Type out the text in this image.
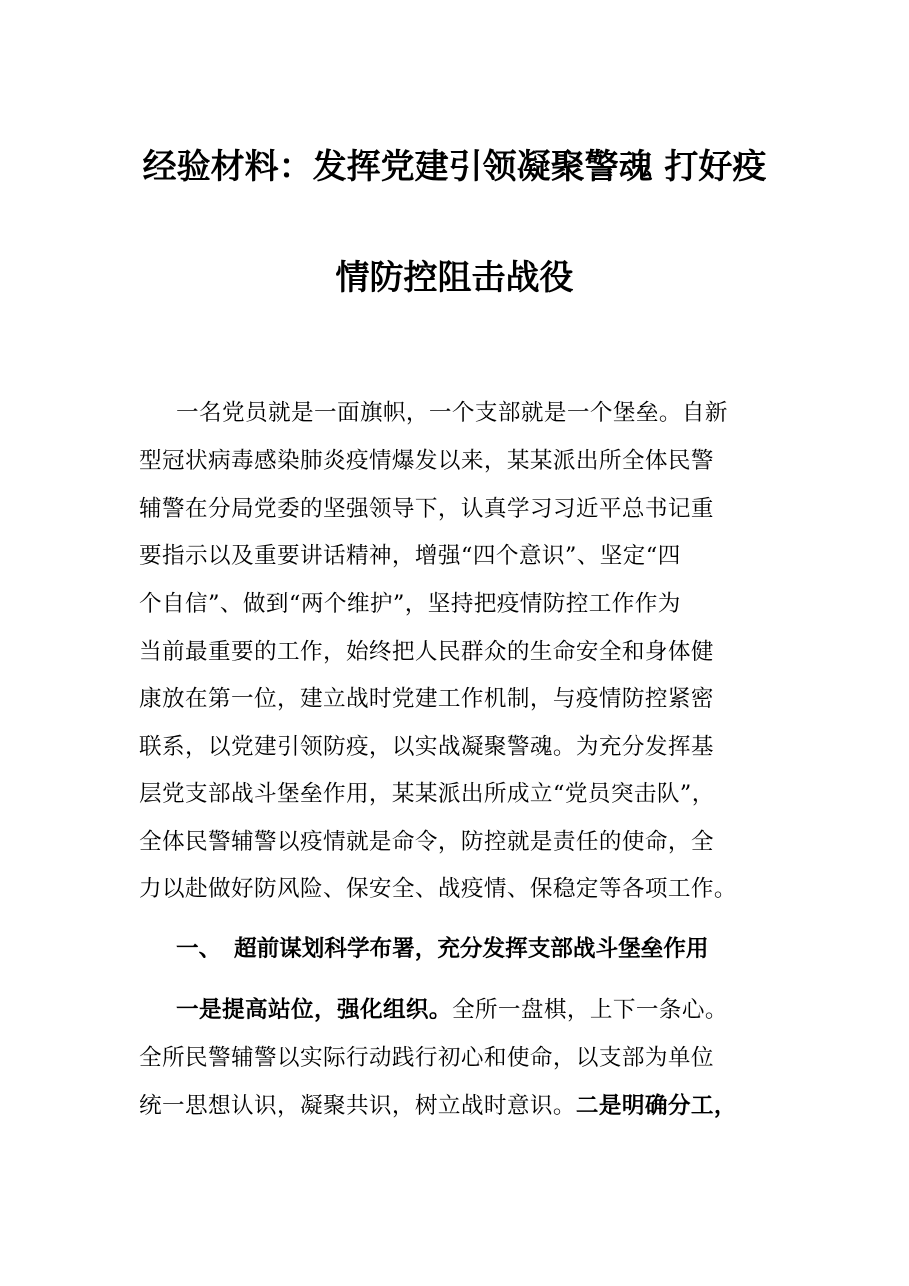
经验材料：发挥党建引领凝聚警魂 打好疫
情防控阻击战役
一名党员就是一面旗帜，一个支部就是一个堡垒。自新
型冠状病毒感染肺炎疫情爆发以来，某某派出所全体民警
辅警在分局党委的坚强领导下，认真学习习近平总书记重
要指示以及重要讲话精神，增强“四个意识”、坚定“四
个自信”、做到“两个维护”，坚持把疫情防控工作作为
当前最重要的工作，始终把人民群众的生命安全和身体健
康放在第一位，建立战时党建工作机制，与疫情防控紧密
联系，以党建引领防疫，以实战凝聚警魂。为充分发挥基
层党支部战斗堡垒作用，某某派出所成立“党员突击队”，
全体民警辅警以疫情就是命令，防控就是责任的使命，全
力以赴做好防风险、保安全、战疫情、保稳定等各项工作。
一、 超前谋划科学布署，充分发挥支部战斗堡垒作用
一是提高站位，强化组织。全所一盘棋，上下一条心。
全所民警辅警以实际行动践行初心和使命，以支部为单位
统一思想认识，凝聚共识，树立战时意识。二是明确分工，
